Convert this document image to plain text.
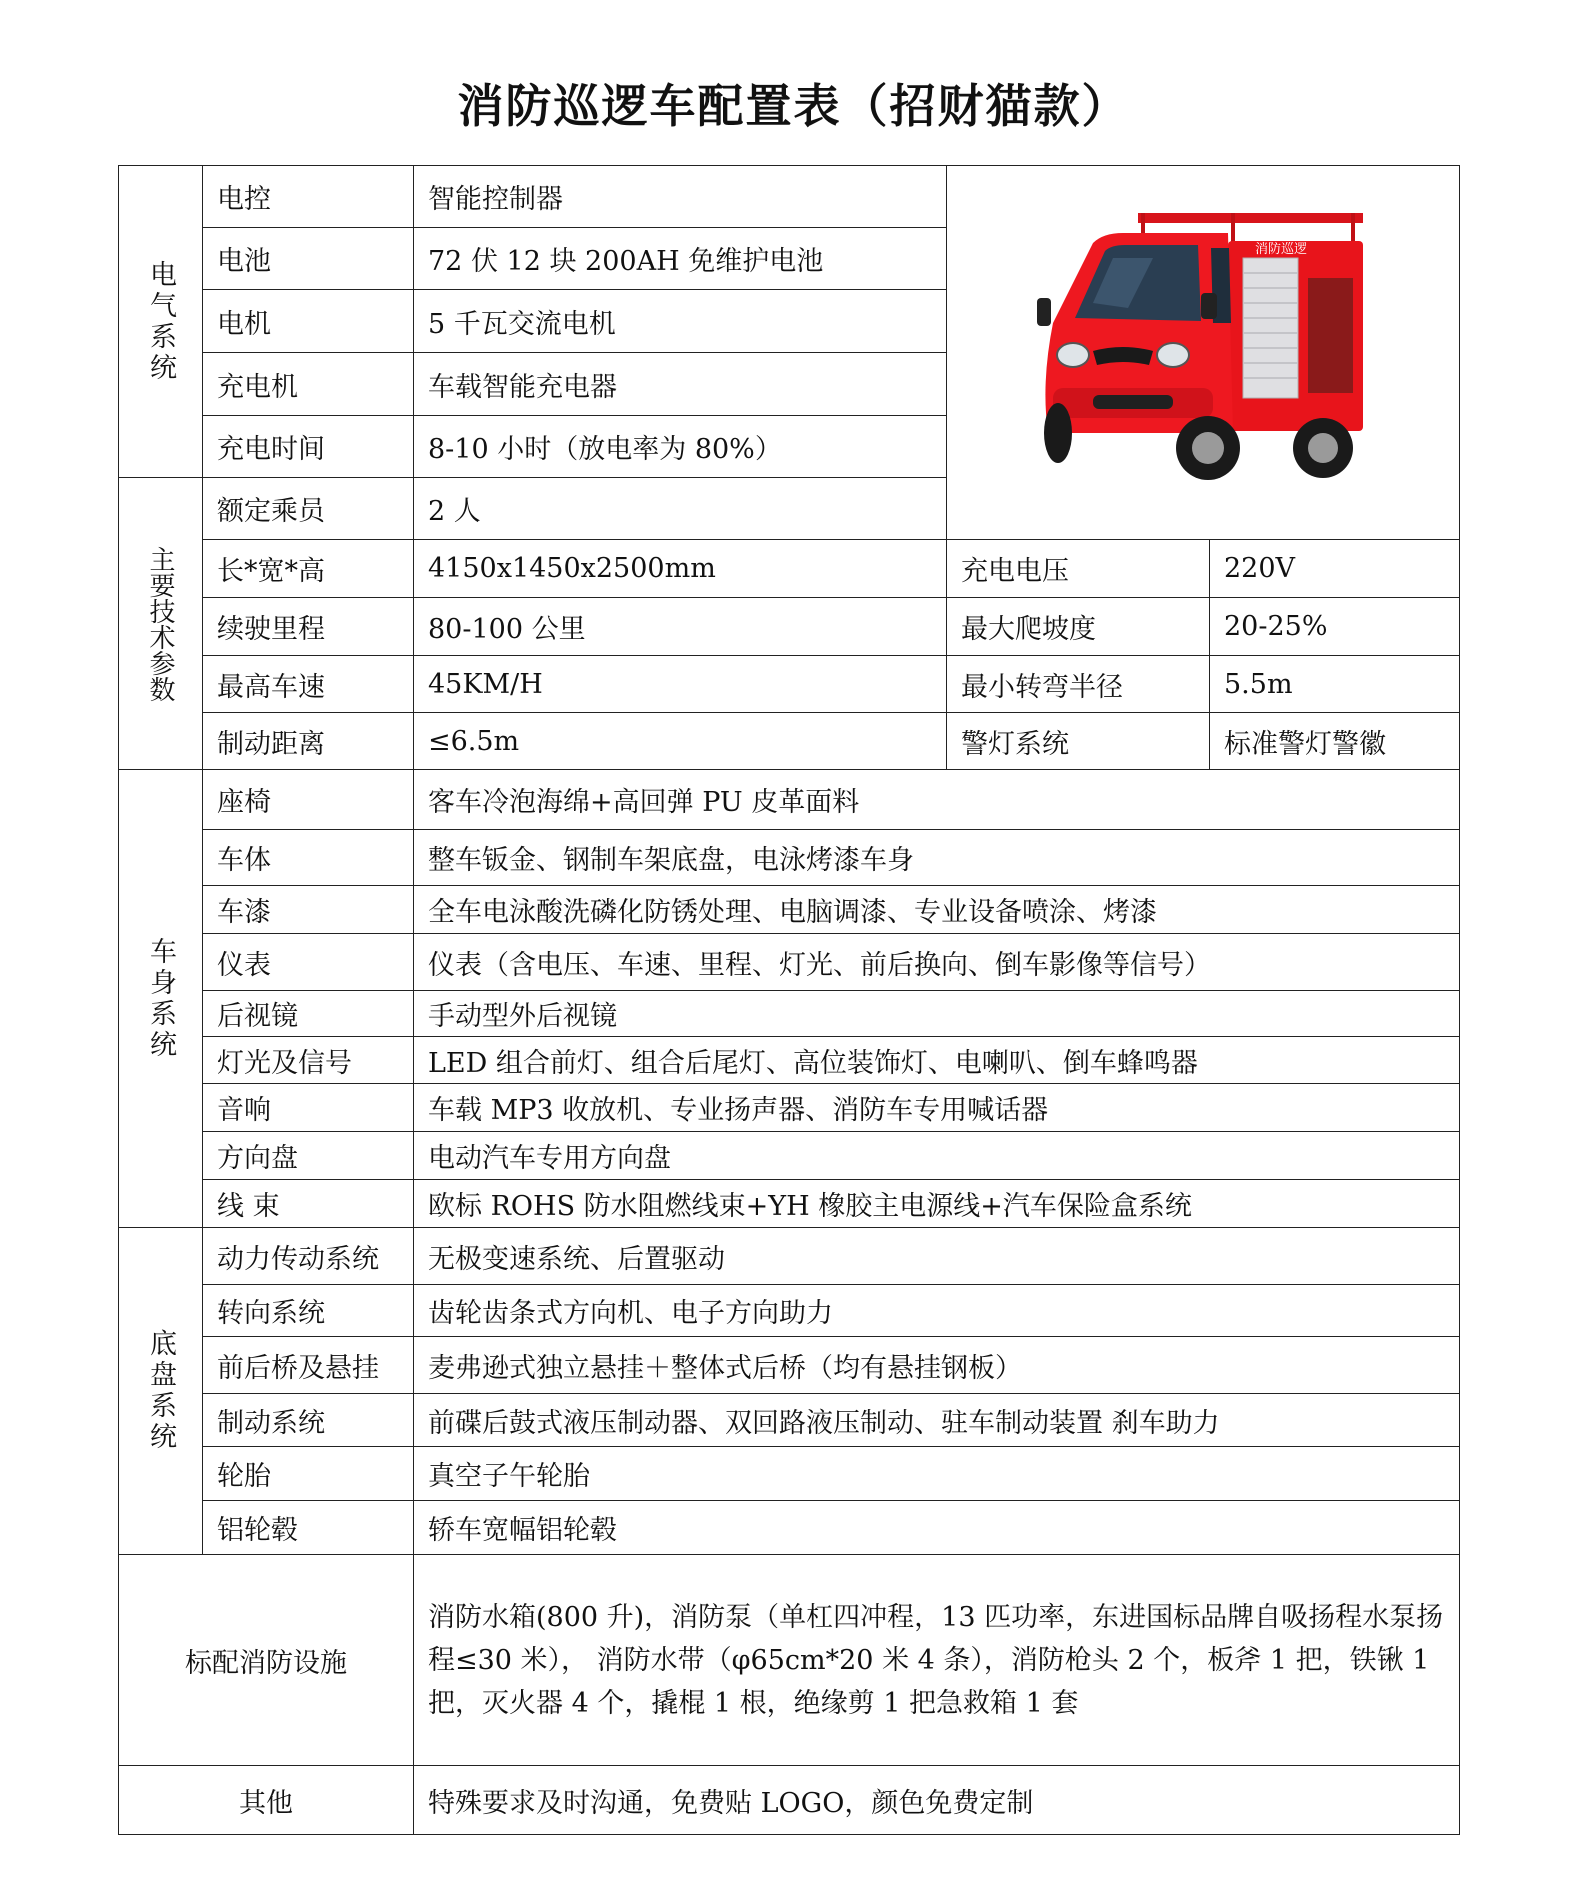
消防巡逻车配置表（招财猫款）
电气系统	电控	智能控制器	消防巡逻	

	电池	72 伏 12 块 200AH 免维护电池		
	电机	5 千瓦交流电机		
	充电机	车载智能充电器		
	充电时间	8-10 小时（放电率为 80%）		
主要技术参数	额定乘员	2 人		
	长*宽*高	4150x1450x2500mm	充电电压	220V
	续驶里程	80-100 公里	最大爬坡度	20-25%
	最高车速	45KM/H	最小转弯半径	5.5m
	制动距离	≤6.5m	警灯系统	标准警灯警徽
车身系统	座椅	客车冷泡海绵+高回弹 PU 皮革面料		
	车体	整车钣金、钢制车架底盘，电泳烤漆车身		
	车漆	全车电泳酸洗磷化防锈处理、电脑调漆、专业设备喷涂、烤漆		
	仪表	仪表（含电压、车速、里程、灯光、前后换向、倒车影像等信号）		
	后视镜	手动型外后视镜		
	灯光及信号	LED 组合前灯、组合后尾灯、高位装饰灯、电喇叭、倒车蜂鸣器		
	音响	车载 MP3 收放机、专业扬声器、消防车专用喊话器		
	方向盘	电动汽车专用方向盘		
	线 束	欧标 ROHS 防水阻燃线束+YH 橡胶主电源线+汽车保险盒系统		
底盘系统	动力传动系统	无极变速系统、后置驱动		
	转向系统	齿轮齿条式方向机、电子方向助力		
	前后桥及悬挂	麦弗逊式独立悬挂＋整体式后桥（均有悬挂钢板）		
	制动系统	前碟后鼓式液压制动器、双回路液压制动、驻车制动装置 刹车助力		
	轮胎	真空子午轮胎		
	铝轮毂	轿车宽幅铝轮毂		
标配消防设施		消防水箱(800 升)，消防泵（单杠四冲程，13 匹功率，东进国标品牌自吸扬程水泵扬程≤30 米）， 消防水带（φ65cm*20 米 4 条），消防枪头 2 个，板斧 1 把，铁锹 1 把，灭火器 4 个，撬棍 1 根，绝缘剪 1 把急救箱 1 套		
其他		特殊要求及时沟通，免费贴 LOGO，颜色免费定制		
